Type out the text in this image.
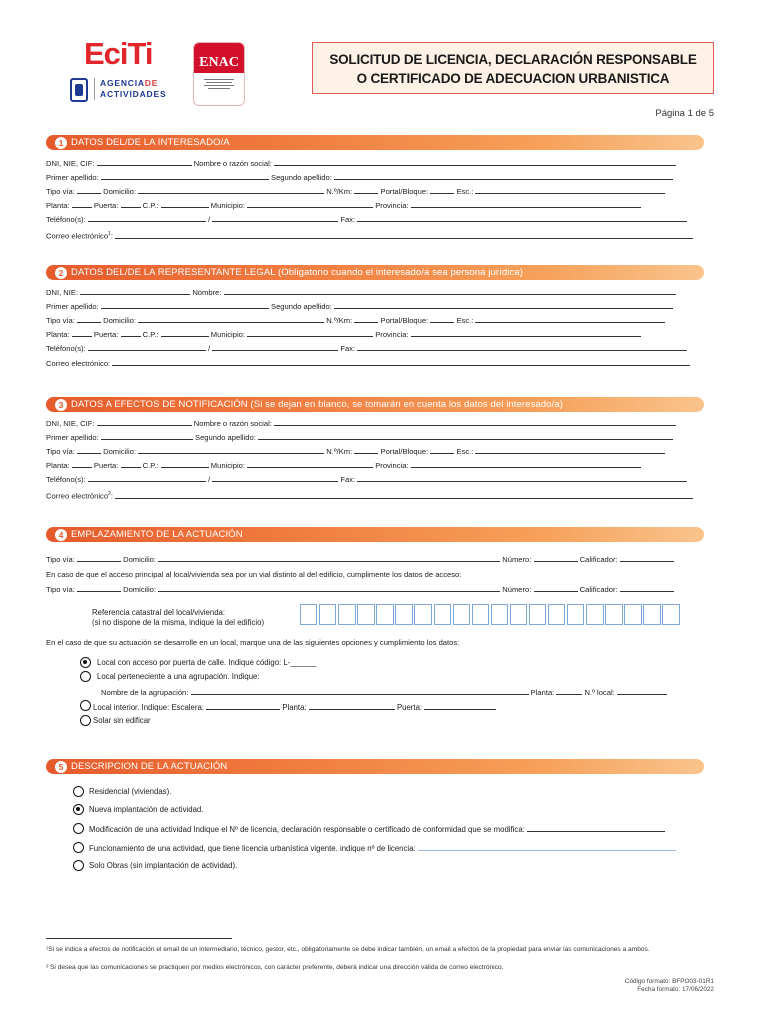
EciTi
AGENCIADE
ACTIVIDADES
ENAC	SOLICITUD DE LICENCIA, DECLARACIÓN RESPONSABLE
O CERTIFICADO DE ADECUACION URBANISTICA
Página 1 de 5
1 DATOS DEL/DE LA INTERESADO/A
DNI, NIE, CIF:	Nombre o razón social:
Primer apellido:	Segundo apellido:
Tipo vía:	Domicilio:	N.º/Km:	Portal/Bloque:	Esc.:
Planta:	Puerta:	C.P.:	Municipio:	Provincia:
Teléfono(s):	/	Fax:
Correo electrónico$^1$:
2 DATOS DEL/DE LA REPRESENTANTE LEGAL (Obligatorio cuando el interesado/a sea persona jurídica)
DNI, NIE:	Nombre:
Primer apellido:	Segundo apellido:
Tipo vía:	Domicilio:	N.º/Km:	Portal/Bloque:	Esc.:
Planta:	Puerta:	C.P.:	Municipio:	Provincia:
Teléfono(s):	/	Fax:
Correo electrónico:
3 DATOS A EFECTOS DE NOTIFICACIÓN (Si se dejan en blanco, se tomarán en cuenta los datos del interesado/a)
DNI, NIE, CIF:	Nombre o razón social:
Primer apellido:	Segundo apellido:
Tipo vía:	Domicilio:	N.º/Km:	Portal/Bloque:	Esc.:
Planta:	Puerta:	C.P.:	Municipio:	Provincia:
Teléfono(s):	/	Fax:
Correo electrónico$^2$:
4 EMPLAZAMIENTO DE LA ACTUACIÓN
Tipo vía:	Domicilio:	Número:	Calificador:
En caso de que el acceso principal al local/vivienda sea por un vial distinto al del edificio, cumplimente los datos de acceso:
Tipo vía:	Domicilio:	Número:	Calificador:
Referencia catastral del local/vivienda:
(si no dispone de la misma, indique la del edificio)
En el caso de que su actuación se desarrolle en un local, marque una de las siguientes opciones y cumplimiento los datos:
Local con acceso por puerta de calle. Indique código: L-______
Local perteneciente a una agrupación. Indique:
Nombre de la agrupación:	Planta:	N.º local:
Local interior. Indique: Escalera:	Planta:	Puerta:
Solar sin edificar
5 DESCRIPCION DE LA ACTUACIÓN
Residencial (viviendas).
Nueva implantación de actividad.
Modificación de una actividad Indique el Nº de licencia, declaración responsable o certificado de conformidad que se modifica:
Funcionamiento de una actividad, que tiene licencia urbanística vigente. indique nº de licencia:
Solo Obras (sin implantación de actividad).
¹Si se indica a efectos de notificación el email de un intermediario, técnico, gestor, etc., obligatoriamente se debe indicar también, un email a efectos de la propiedad para enviar las comunicaciones a ambos.
² Si desea que las comunicaciones se practiquen por medios electrónicos, con carácter preferente, deberá indicar una dirección válida de correo electrónico.
Código formato: BFPO03-01R1
Fecha formato: 17/06/2022
